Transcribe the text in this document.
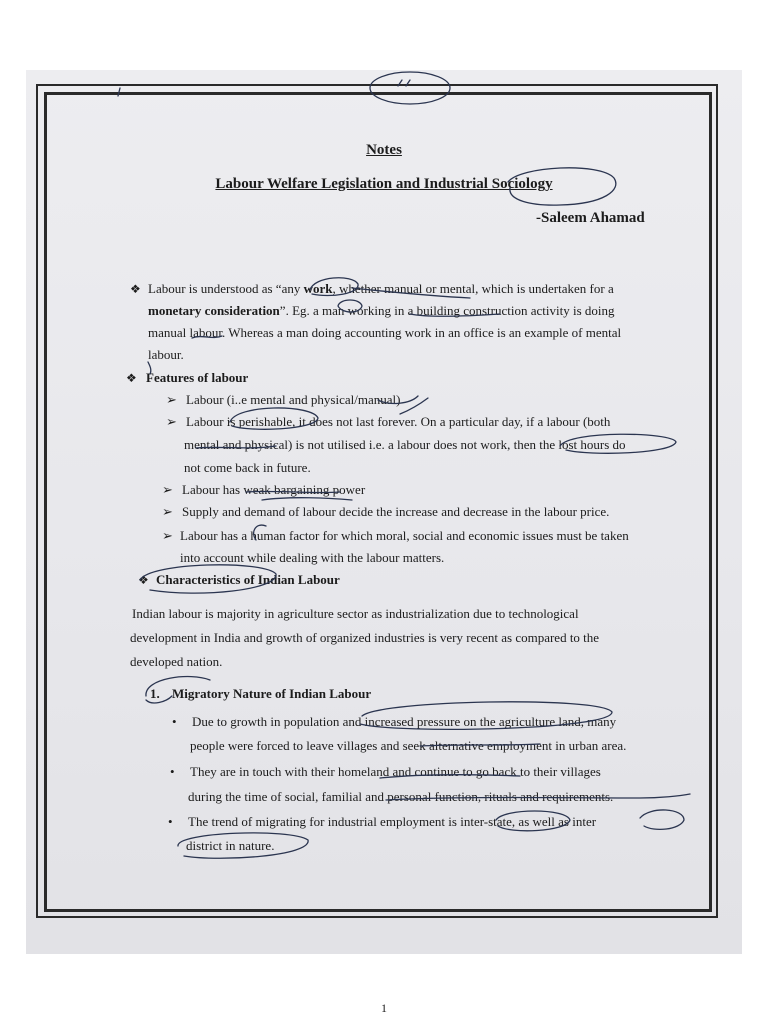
Notes
Labour Welfare Legislation and Industrial Sociology
-Saleem Ahamad
❖ Labour is understood as “any work, whether manual or mental, which is undertaken for a
monetary consideration”. Eg. a man working in a building construction activity is doing
manual labour. Whereas a man doing accounting work in an office is an example of mental
labour.
❖ Features of labour
➢ Labour (i..e mental and physical/manual)
➢ Labour is perishable, it does not last forever. On a particular day, if a labour (both
mental and physical) is not utilised i.e. a labour does not work, then the lost hours do
not come back in future.
➢ Labour has weak bargaining power
➢ Supply and demand of labour decide the increase and decrease in the labour price.
➢ Labour has a human factor for which moral, social and economic issues must be taken
into account while dealing with the labour matters.
❖ Characteristics of Indian Labour
Indian labour is majority in agriculture sector as industrialization due to technological
development in India and growth of organized industries is very recent as compared to the
developed nation.
1. Migratory Nature of Indian Labour
• Due to growth in population and increased pressure on the agriculture land, many
people were forced to leave villages and seek alternative employment in urban area.
• They are in touch with their homeland and continue to go back to their villages
during the time of social, familial and personal function, rituals and requirements.
• The trend of migrating for industrial employment is inter-state, as well as inter
district in nature.
1
